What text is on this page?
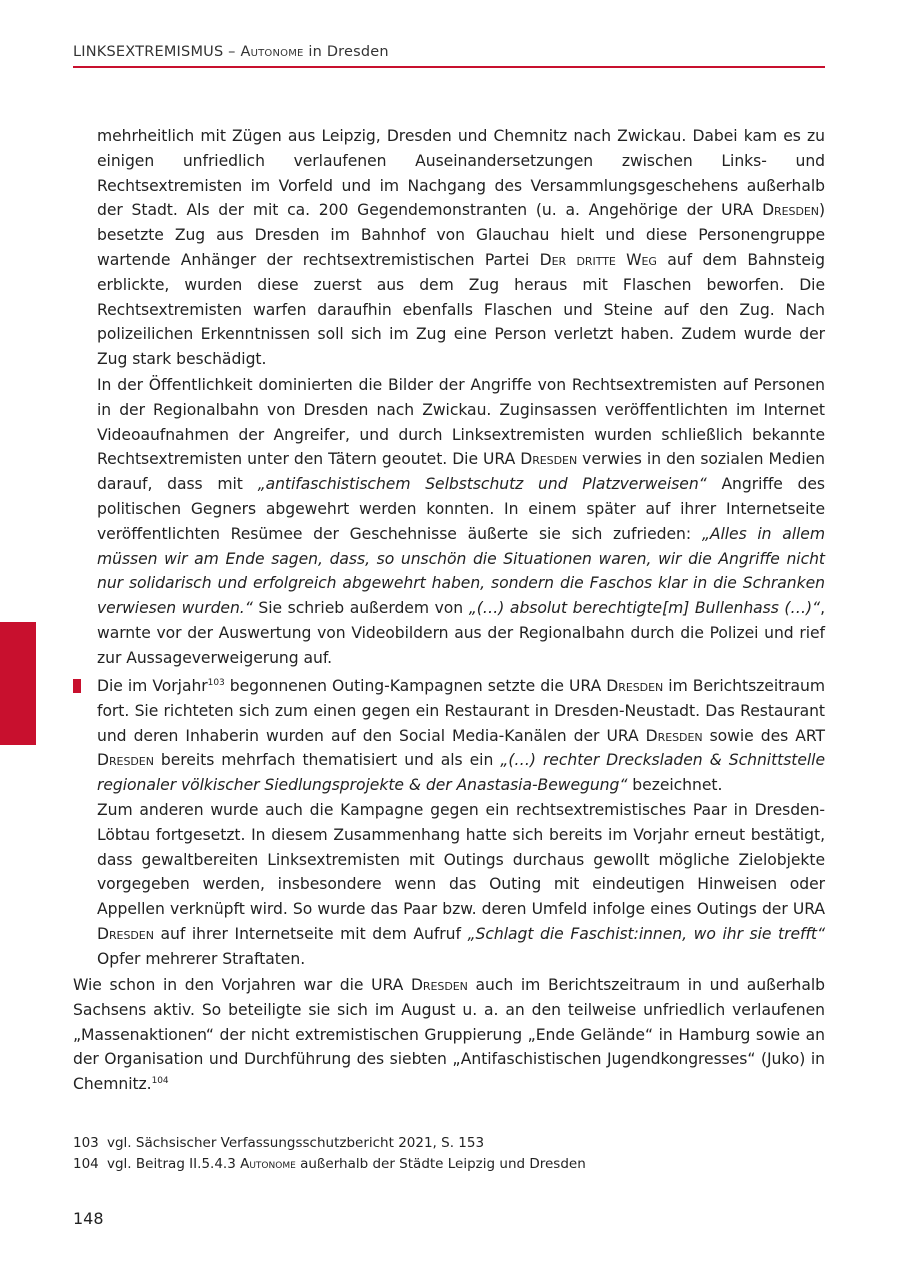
LINKSEXTREMISMUS – Autonome in Dresden

mehrheitlich mit Zügen aus Leipzig, Dresden und Chemnitz nach Zwickau. Dabei kam es zu einigen unfriedlich verlaufenen Auseinandersetzungen zwischen Links- und Rechtsextremisten im Vorfeld und im Nachgang des Versammlungsgeschehens außerhalb der Stadt. Als der mit ca. 200 Gegendemonstranten (u. a. Angehörige der URA Dresden) besetzte Zug aus Dresden im Bahnhof von Glauchau hielt und diese Personengruppe wartende Anhänger der rechtsextremistischen Partei Der dritte Weg auf dem Bahnsteig erblickte, wurden diese zuerst aus dem Zug heraus mit Flaschen beworfen. Die Rechtsextremisten warfen daraufhin ebenfalls Flaschen und Steine auf den Zug. Nach polizeilichen Erkenntnissen soll sich im Zug eine Person verletzt haben. Zudem wurde der Zug stark beschädigt.

In der Öffentlichkeit dominierten die Bilder der Angriffe von Rechtsextremisten auf Personen in der Regionalbahn von Dresden nach Zwickau. Zuginsassen veröffentlichten im Internet Videoaufnahmen der Angreifer, und durch Linksextremisten wurden schließlich bekannte Rechtsextremisten unter den Tätern geoutet. Die URA Dresden verwies in den sozialen Medien darauf, dass mit „antifaschistischem Selbstschutz und Platzverweisen“ Angriffe des politischen Gegners abgewehrt werden konnten. In einem später auf ihrer Internetseite veröffentlichten Resümee der Geschehnisse äußerte sie sich zufrieden: „Alles in allem müssen wir am Ende sagen, dass, so unschön die Situationen waren, wir die Angriffe nicht nur solidarisch und erfolgreich abgewehrt haben, sondern die Faschos klar in die Schranken verwiesen wurden.“ Sie schrieb außerdem von „(…) absolut berechtigte[m] Bullenhass (…)“, warnte vor der Auswertung von Videobildern aus der Regionalbahn durch die Polizei und rief zur Aussageverweigerung auf.

Die im Vorjahr$^{103}$ begonnenen Outing-Kampagnen setzte die URA Dresden im Berichtszeitraum fort. Sie richteten sich zum einen gegen ein Restaurant in Dresden-Neustadt. Das Restaurant und deren Inhaberin wurden auf den Social Media-Kanälen der URA Dresden sowie des ART Dresden bereits mehrfach thematisiert und als ein „(…) rechter Drecksladen & Schnittstelle regionaler völkischer Siedlungsprojekte & der Anastasia-Bewegung“ bezeichnet.

Zum anderen wurde auch die Kampagne gegen ein rechtsextremistisches Paar in Dresden-Löbtau fortgesetzt. In diesem Zusammenhang hatte sich bereits im Vorjahr erneut bestätigt, dass gewaltbereiten Linksextremisten mit Outings durchaus gewollt mögliche Zielobjekte vorgegeben werden, insbesondere wenn das Outing mit eindeutigen Hinweisen oder Appellen verknüpft wird. So wurde das Paar bzw. deren Umfeld infolge eines Outings der URA Dresden auf ihrer Internetseite mit dem Aufruf „Schlagt die Faschist:innen, wo ihr sie trefft“ Opfer mehrerer Straftaten.

Wie schon in den Vorjahren war die URA Dresden auch im Berichtszeitraum in und außerhalb Sachsens aktiv. So beteiligte sie sich im August u. a. an den teilweise unfriedlich verlaufenen „Massenaktionen“ der nicht extremistischen Gruppierung „Ende Gelände“ in Hamburg sowie an der Organisation und Durchführung des siebten „Antifaschistischen Jugendkongresses“ (Juko) in Chemnitz.$^{104}$

103 vgl. Sächsischer Verfassungsschutzbericht 2021, S. 153
104 vgl. Beitrag II.5.4.3 Autonome außerhalb der Städte Leipzig und Dresden
148
